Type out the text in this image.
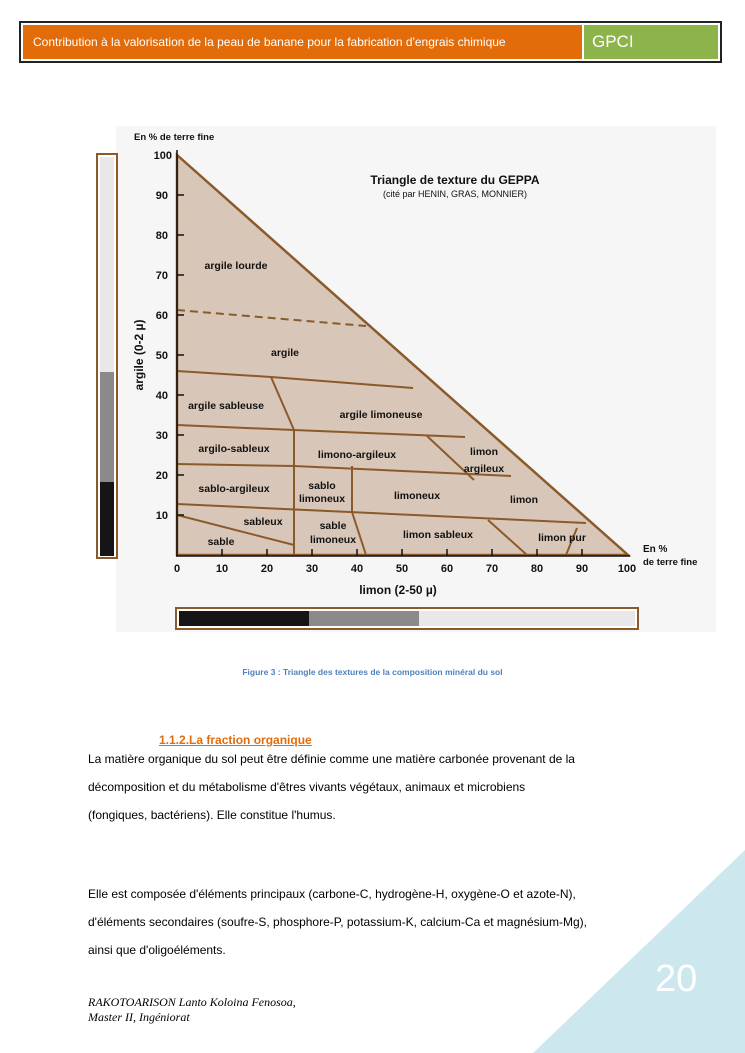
Contribution à la valorisation de la peau de banane pour la fabrication d'engrais chimique	GPCI
100
90
80
70
60
50
40
30
20
10
0	10	20	30	40	50	60	70	80	90	100
En % de terre fine
argile (0-2 µ)
limon (2-50 µ)
En %
de terre fine
Triangle de texture du GEPPA
(cité par HENIN, GRAS, MONNIER)
argile lourde
argile
argile sableuse
argile limoneuse
argilo-sableux	limono-argileux	limon
argileux
sablo-argileux	sablo
limoneux	limoneux	limon
sableux
sable
sable
limoneux	limon sableux	limon pur
Figure 3 : Triangle des textures de la composition minéral du sol
1.1.2.La fraction organique
La matière organique du sol peut être définie comme une matière carbonée provenant de la
décomposition et du métabolisme d'êtres vivants végétaux, animaux et microbiens
(fongiques, bactériens). Elle constitue l'humus.
Elle est composée d'éléments principaux (carbone-C, hydrogène-H, oxygène-O et azote-N),
d'éléments secondaires (soufre-S, phosphore-P, potassium-K, calcium-Ca et magnésium-Mg),
ainsi que d'oligoéléments.
RAKOTOARISON Lanto Koloina Fenosoa,
Master II, Ingéniorat
20
